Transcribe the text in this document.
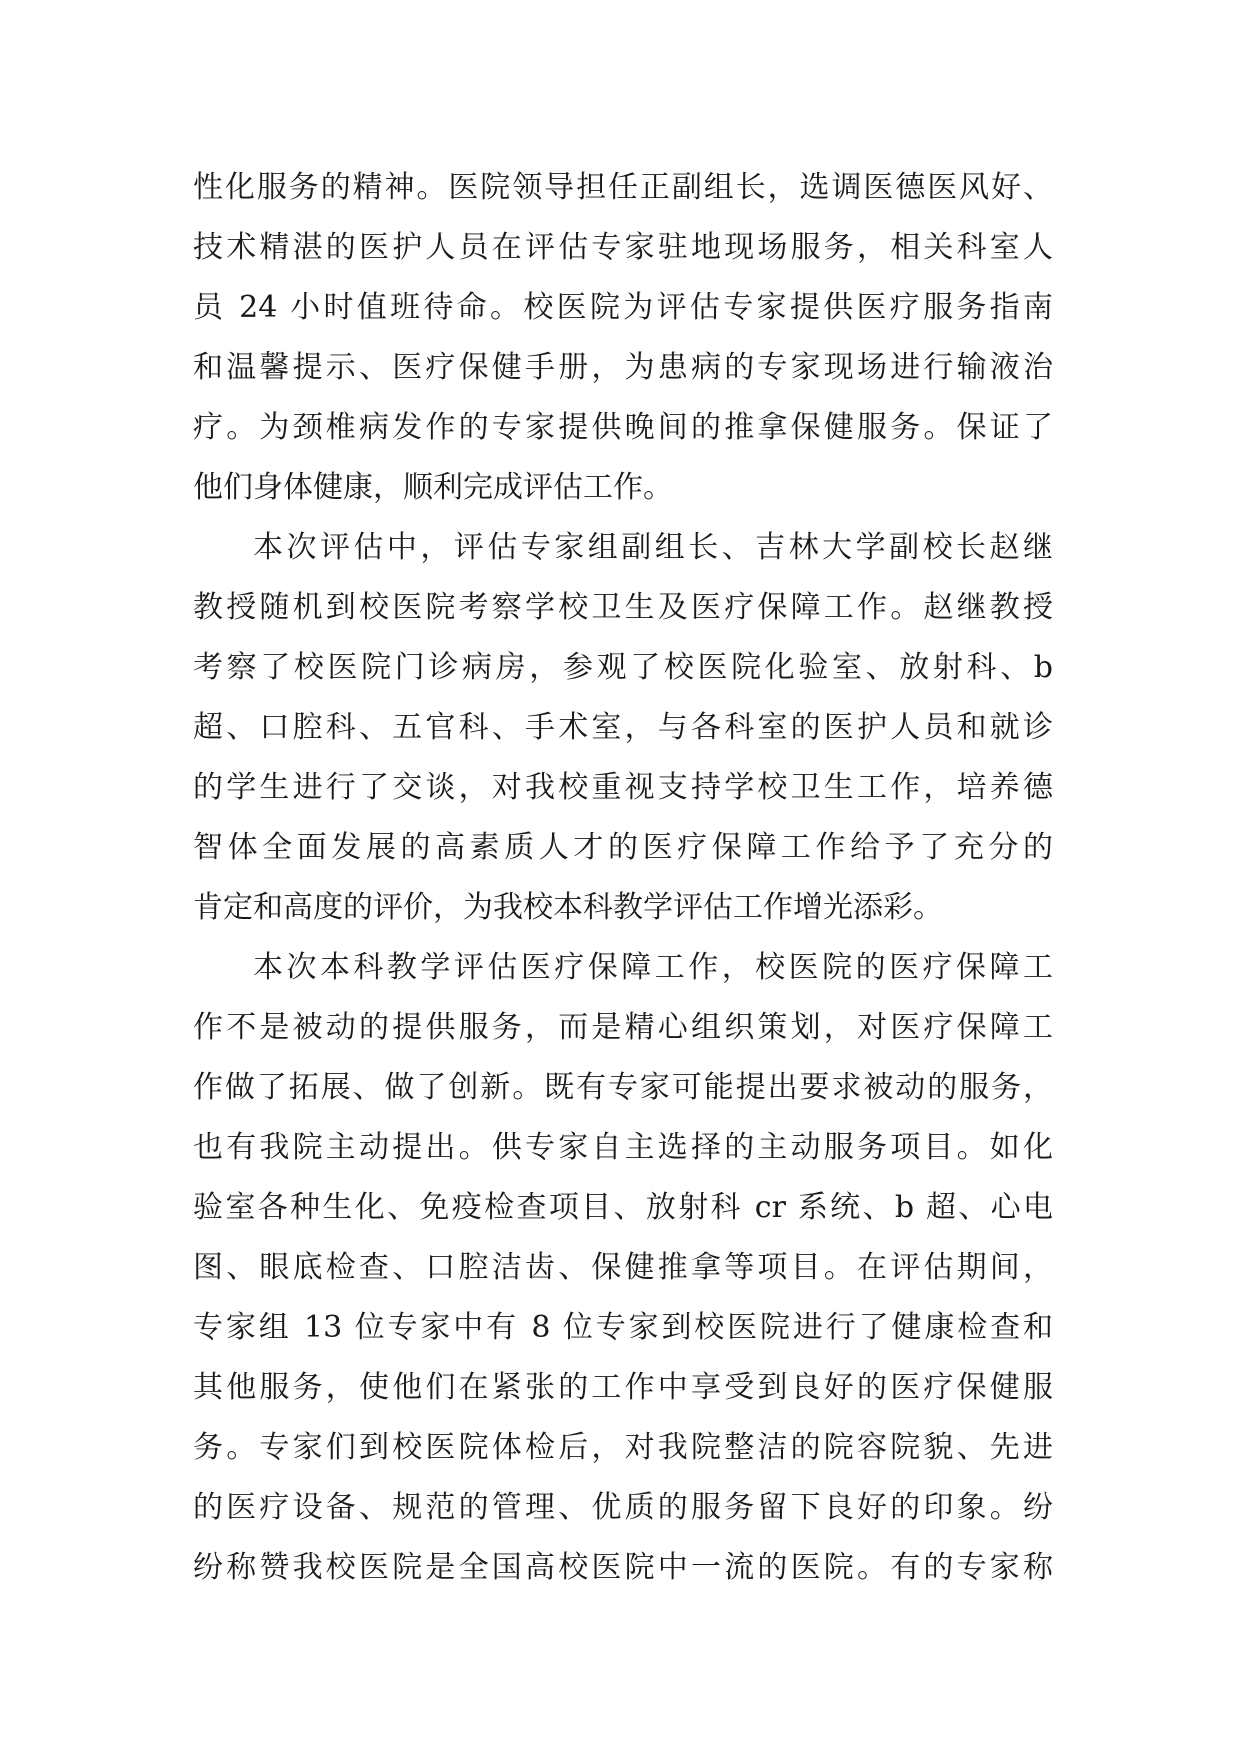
性化服务的精神。医院领导担任正副组长，选调医德医风好、
技术精湛的医护人员在评估专家驻地现场服务，相关科室人
员 24 小时值班待命。校医院为评估专家提供医疗服务指南
和温馨提示、医疗保健手册，为患病的专家现场进行输液治
疗。为颈椎病发作的专家提供晚间的推拿保健服务。保证了
他们身体健康，顺利完成评估工作。
本次评估中，评估专家组副组长、吉林大学副校长赵继
教授随机到校医院考察学校卫生及医疗保障工作。赵继教授
考察了校医院门诊病房，参观了校医院化验室、放射科、b
超、口腔科、五官科、手术室，与各科室的医护人员和就诊
的学生进行了交谈，对我校重视支持学校卫生工作，培养德
智体全面发展的高素质人才的医疗保障工作给予了充分的
肯定和高度的评价，为我校本科教学评估工作增光添彩。
本次本科教学评估医疗保障工作，校医院的医疗保障工
作不是被动的提供服务，而是精心组织策划，对医疗保障工
作做了拓展、做了创新。既有专家可能提出要求被动的服务，
也有我院主动提出。供专家自主选择的主动服务项目。如化
验室各种生化、免疫检查项目、放射科 cr 系统、b 超、心电
图、眼底检查、口腔洁齿、保健推拿等项目。在评估期间，
专家组 13 位专家中有 8 位专家到校医院进行了健康检查和
其他服务，使他们在紧张的工作中享受到良好的医疗保健服
务。专家们到校医院体检后，对我院整洁的院容院貌、先进
的医疗设备、规范的管理、优质的服务留下良好的印象。纷
纷称赞我校医院是全国高校医院中一流的医院。有的专家称
